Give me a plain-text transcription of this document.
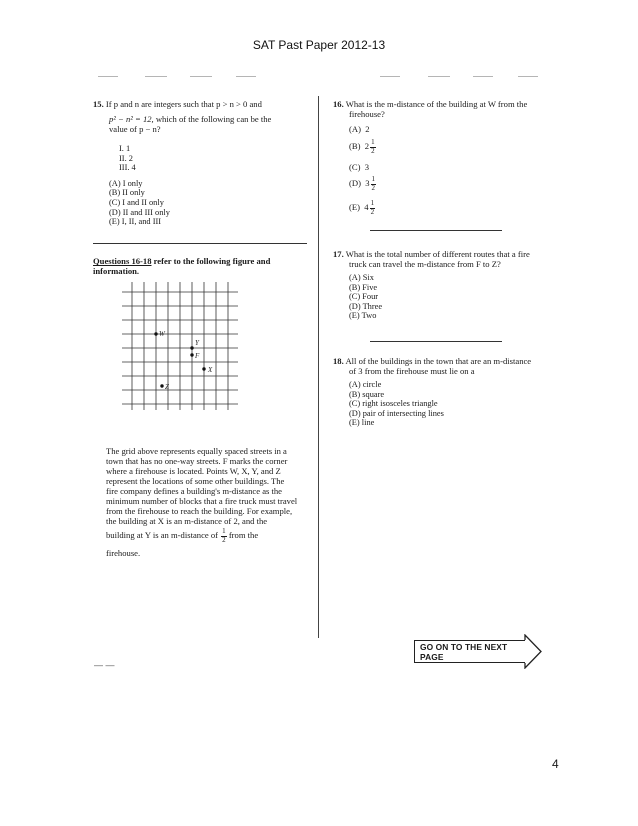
SAT Past Paper 2012-13
15. If p and n are integers such that p > n > 0 and
p² − n² = 12, which of the following can be the
value of p − n?
I. 1
II. 2
III. 4
(A) I only
(B) II only
(C) I and II only
(D) II and III only
(E) I, II, and III
Questions 16-18 refer to the following figure and
information.
W
Y
F
X
Z
The grid above represents equally spaced streets in a
town that has no one-way streets. F marks the corner
where a firehouse is located. Points W, X, Y, and Z
represent the locations of some other buildings. The
fire company defines a building's m-distance as the
minimum number of blocks that a fire truck must travel
from the firehouse to reach the building. For example,
the building at X is an m-distance of 2, and the
building at Y is an m-distance of $\frac{1}{2}$ from the
firehouse.
16. What is the m-distance of the building at W from the
firehouse?
(A) 2
(B) $2 \frac{1}{2}$
(C) 3
(D) $3 \frac{1}{2}$
(E) $4 \frac{1}{2}$
17. What is the total number of different routes that a fire
truck can travel the m-distance from F to Z?
(A) Six
(B) Five
(C) Four
(D) Three
(E) Two
18. All of the buildings in the town that are an m-distance
of 3 from the firehouse must lie on a
(A) circle
(B) square
(C) right isosceles triangle
(D) pair of intersecting lines
(E) line
GO ON TO THE NEXT PAGE
— —
4
